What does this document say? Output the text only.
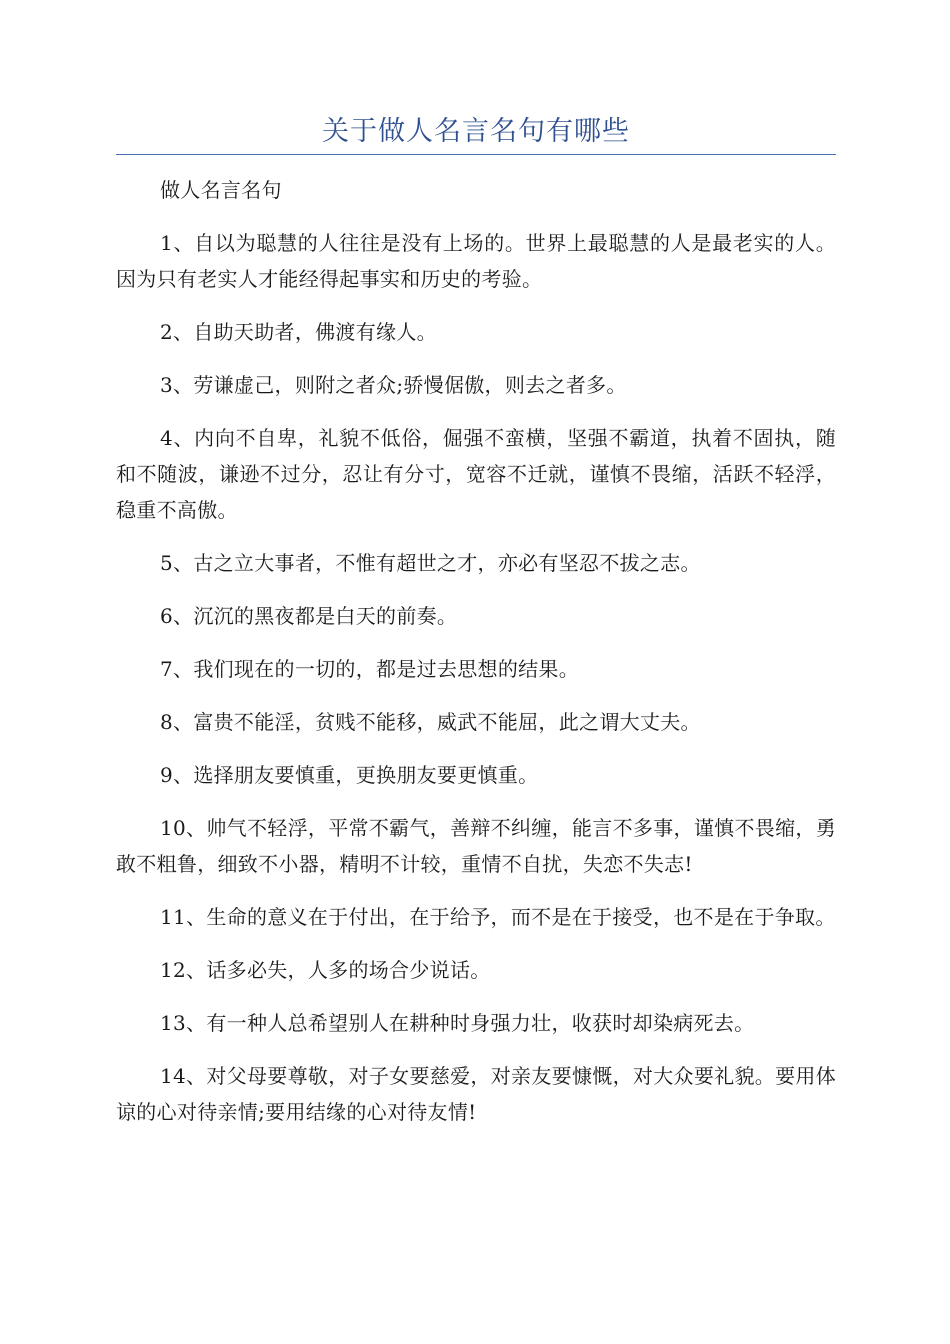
关于做人名言名句有哪些

做人名言名句

1、自以为聪慧的人往往是没有上场的。世界上最聪慧的人是最老实的人。因为只有老实人才能经得起事实和历史的考验。

2、自助天助者，佛渡有缘人。

3、劳谦虚己，则附之者众;骄慢倨傲，则去之者多。

4、内向不自卑，礼貌不低俗，倔强不蛮横，坚强不霸道，执着不固执，随和不随波，谦逊不过分，忍让有分寸，宽容不迁就，谨慎不畏缩，活跃不轻浮，稳重不高傲。

5、古之立大事者，不惟有超世之才，亦必有坚忍不拔之志。

6、沉沉的黑夜都是白天的前奏。

7、我们现在的一切的，都是过去思想的结果。

8、富贵不能淫，贫贱不能移，威武不能屈，此之谓大丈夫。

9、选择朋友要慎重，更换朋友要更慎重。

10、帅气不轻浮，平常不霸气，善辩不纠缠，能言不多事，谨慎不畏缩，勇敢不粗鲁，细致不小器，精明不计较，重情不自扰，失恋不失志!

11、生命的意义在于付出，在于给予，而不是在于接受，也不是在于争取。

12、话多必失，人多的场合少说话。

13、有一种人总希望别人在耕种时身强力壮，收获时却染病死去。

14、对父母要尊敬，对子女要慈爱，对亲友要慷慨，对大众要礼貌。要用体谅的心对待亲情;要用结缘的心对待友情!
